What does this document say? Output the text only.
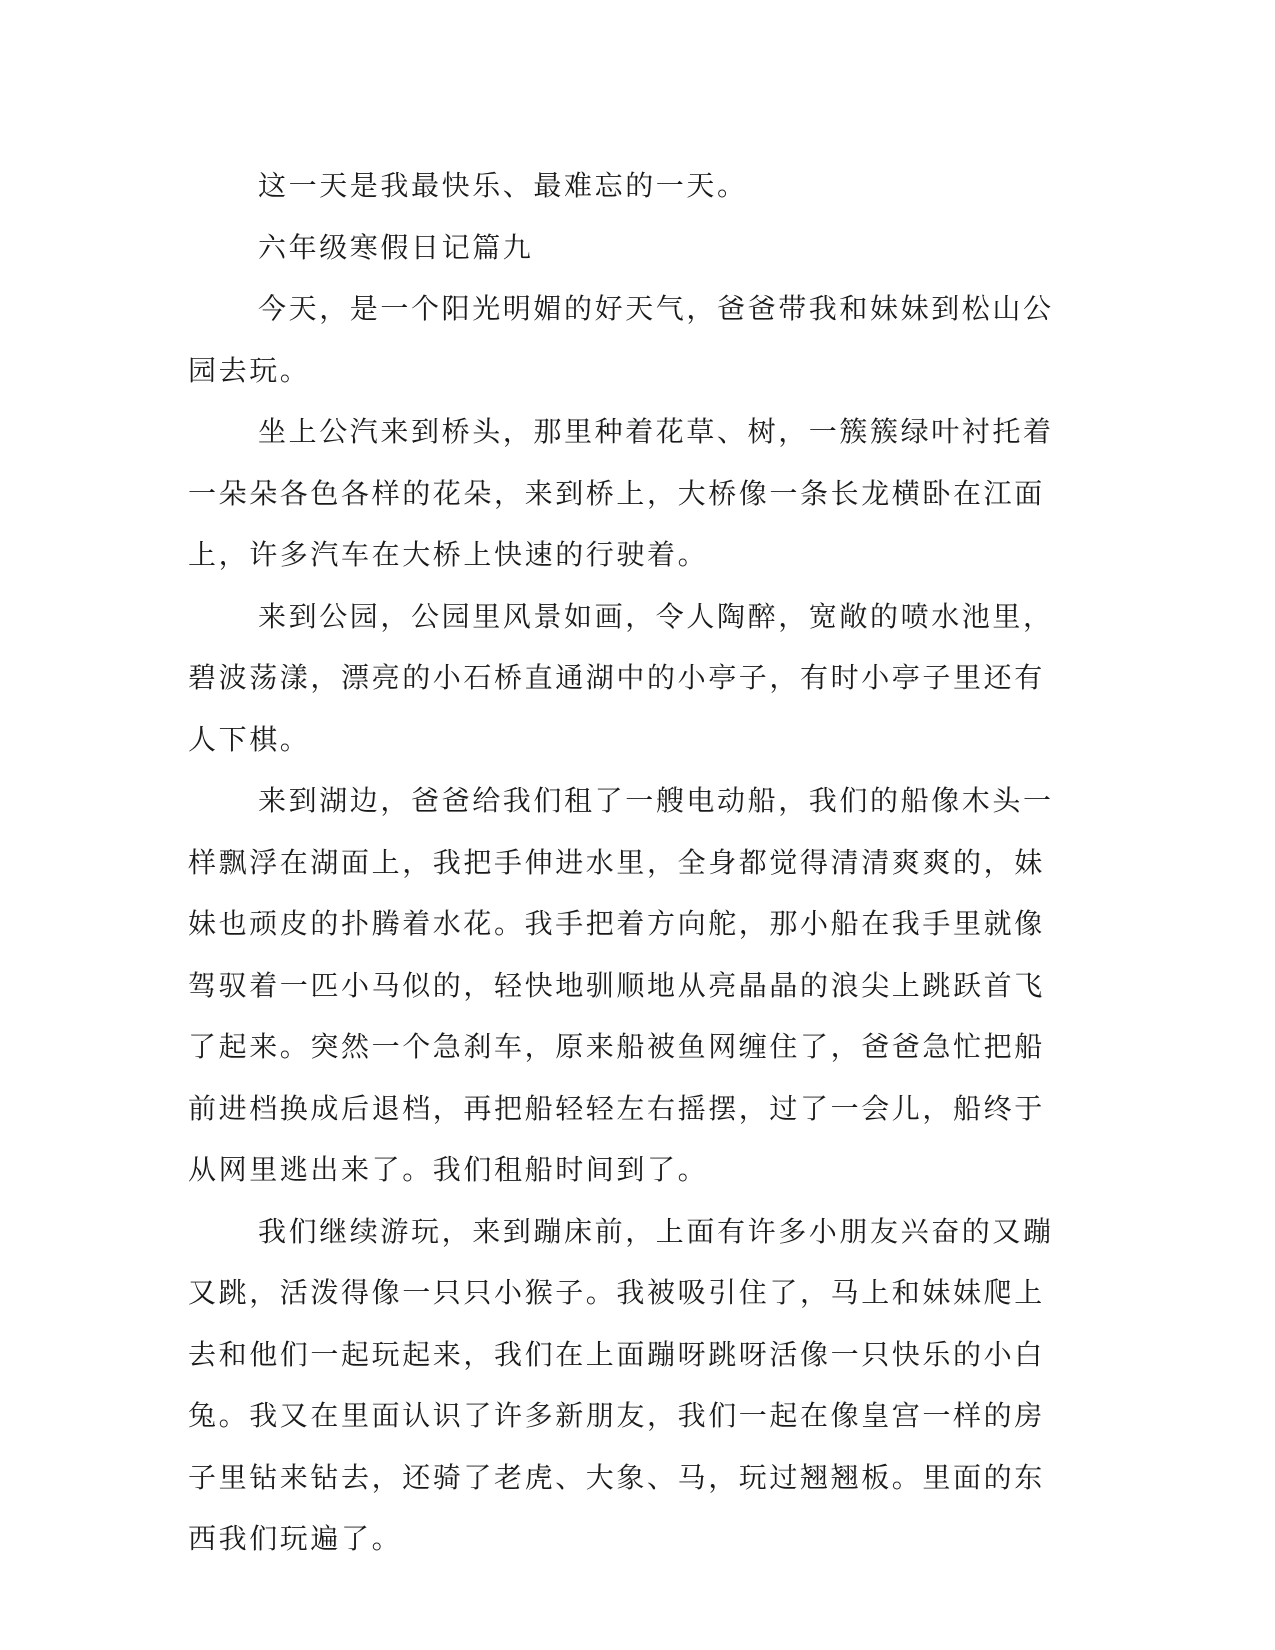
这一天是我最快乐、最难忘的一天。

六年级寒假日记篇九

今天，是一个阳光明媚的好天气，爸爸带我和妹妹到松山公园去玩。

坐上公汽来到桥头，那里种着花草、树，一簇簇绿叶衬托着一朵朵各色各样的花朵，来到桥上，大桥像一条长龙横卧在江面上，许多汽车在大桥上快速的行驶着。

来到公园，公园里风景如画，令人陶醉，宽敞的喷水池里，碧波荡漾，漂亮的小石桥直通湖中的小亭子，有时小亭子里还有人下棋。

来到湖边，爸爸给我们租了一艘电动船，我们的船像木头一样飘浮在湖面上，我把手伸进水里，全身都觉得清清爽爽的，妹妹也顽皮的扑腾着水花。我手把着方向舵，那小船在我手里就像驾驭着一匹小马似的，轻快地驯顺地从亮晶晶的浪尖上跳跃首飞了起来。突然一个急刹车，原来船被鱼网缠住了，爸爸急忙把船前进档换成后退档，再把船轻轻左右摇摆，过了一会儿，船终于从网里逃出来了。我们租船时间到了。

我们继续游玩，来到蹦床前，上面有许多小朋友兴奋的又蹦又跳，活泼得像一只只小猴子。我被吸引住了，马上和妹妹爬上去和他们一起玩起来，我们在上面蹦呀跳呀活像一只快乐的小白兔。我又在里面认识了许多新朋友，我们一起在像皇宫一样的房子里钻来钻去，还骑了老虎、大象、马，玩过翘翘板。里面的东西我们玩遍了。
